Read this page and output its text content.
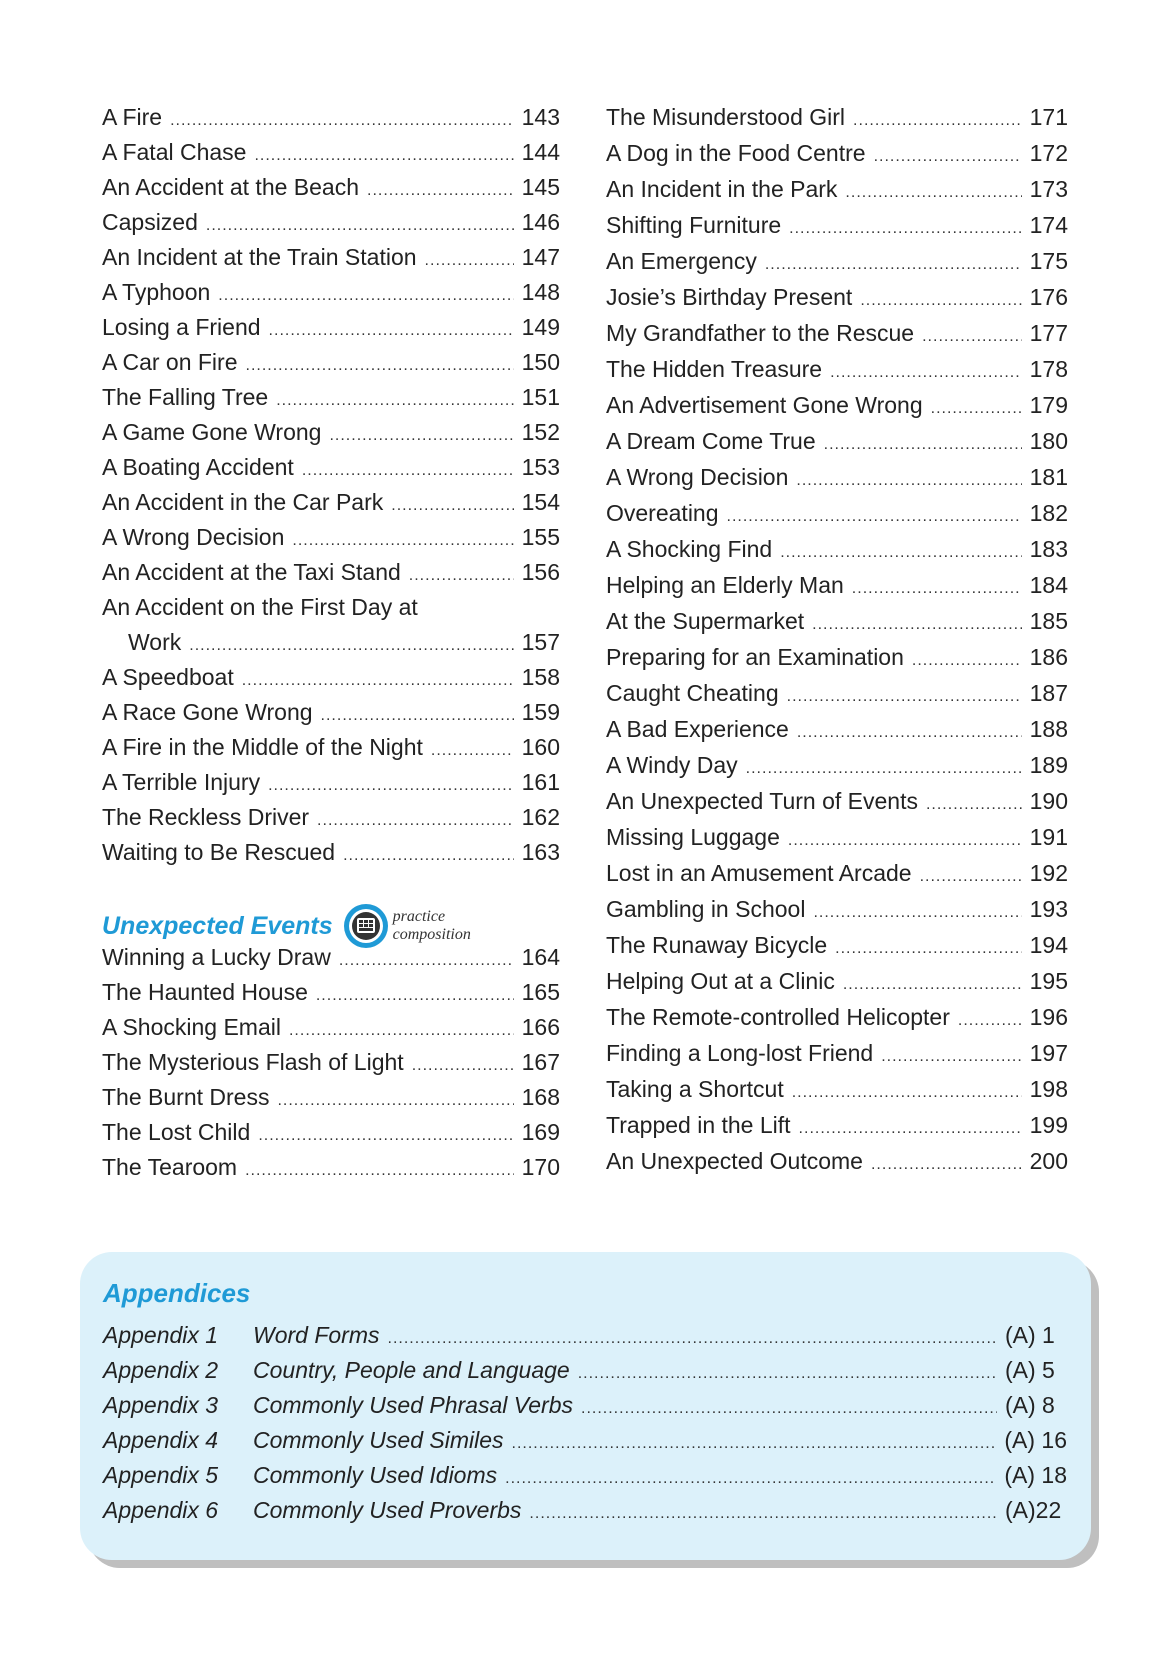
A Fire .....	143
A Fatal Chase .....	144
An Accident at the Beach .....	145
Capsized .....	146
An Incident at the Train Station .....	147
A Typhoon .....	148
Losing a Friend .....	149
A Car on Fire .....	150
The Falling Tree .....	151
A Game Gone Wrong .....	152
A Boating Accident .....	153
An Accident in the Car Park .....	154
A Wrong Decision .....	155
An Accident at the Taxi Stand .....	156
An Accident on the First Day at
Work .....	157
A Speedboat .....	158
A Race Gone Wrong .....	159
A Fire in the Middle of the Night .....	160
A Terrible Injury .....	161
The Reckless Driver .....	162
Waiting to Be Rescued .....	163
Unexpected Events	practice
composition
Winning a Lucky Draw .....	164
The Haunted House .....	165
A Shocking Email .....	166
The Mysterious Flash of Light .....	167
The Burnt Dress .....	168
The Lost Child .....	169
The Tearoom .....	170
The Misunderstood Girl .....	171
A Dog in the Food Centre .....	172
An Incident in the Park .....	173
Shifting Furniture .....	174
An Emergency .....	175
Josie’s Birthday Present .....	176
My Grandfather to the Rescue .....	177
The Hidden Treasure .....	178
An Advertisement Gone Wrong .....	179
A Dream Come True .....	180
A Wrong Decision .....	181
Overeating .....	182
A Shocking Find .....	183
Helping an Elderly Man .....	184
At the Supermarket .....	185
Preparing for an Examination .....	186
Caught Cheating .....	187
A Bad Experience .....	188
A Windy Day .....	189
An Unexpected Turn of Events .....	190
Missing Luggage .....	191
Lost in an Amusement Arcade .....	192
Gambling in School .....	193
The Runaway Bicycle .....	194
Helping Out at a Clinic .....	195
The Remote-controlled Helicopter .....	196
Finding a Long-lost Friend .....	197
Taking a Shortcut .....	198
Trapped in the Lift .....	199
An Unexpected Outcome .....	200
Appendices
Appendix 1	Word Forms .....	(A) 1
Appendix 2	Country, People and Language .....	(A) 5
Appendix 3	Commonly Used Phrasal Verbs .....	(A) 8
Appendix 4	Commonly Used Similes .....	(A) 16
Appendix 5	Commonly Used Idioms .....	(A) 18
Appendix 6	Commonly Used Proverbs .....	(A)22
